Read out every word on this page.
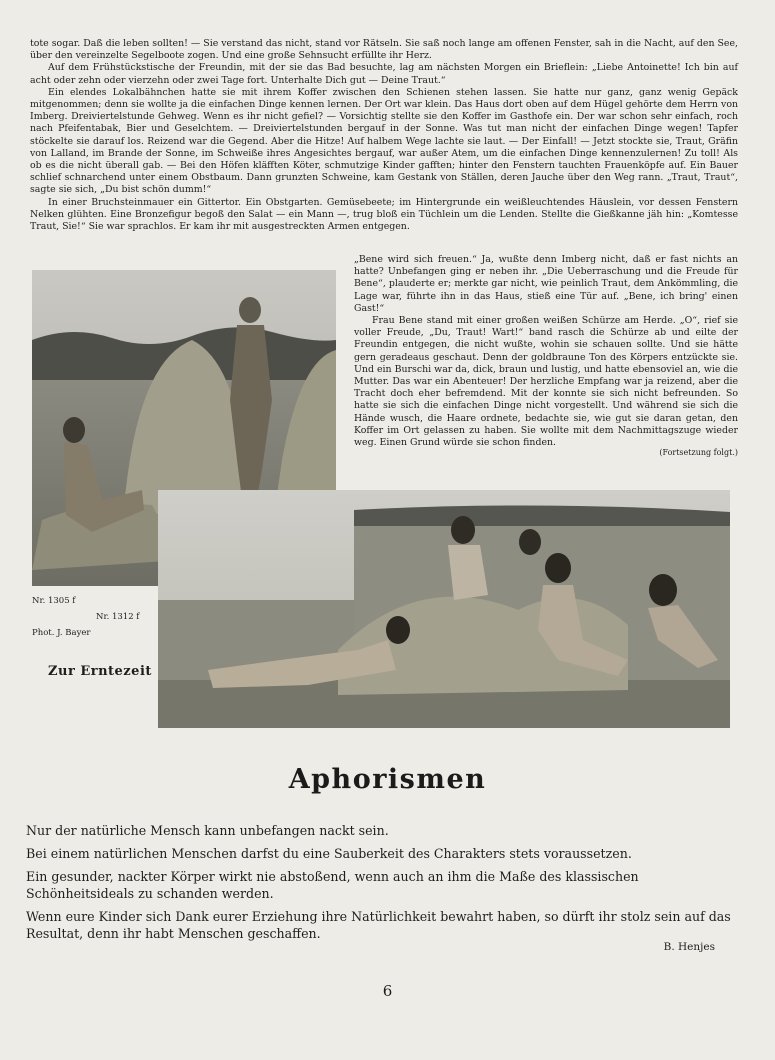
tote sogar. Daß die leben sollten! — Sie verstand das nicht, stand vor Rätseln. Sie saß noch lange am offenen Fenster, sah in die Nacht, auf den See, über den vereinzelte Segelboote zogen. Und eine große Sehnsucht erfüllte ihr Herz.

Auf dem Frühstückstische der Freundin, mit der sie das Bad besuchte, lag am nächsten Morgen ein Brieflein: „Liebe Antoinette! Ich bin auf acht oder zehn oder vierzehn oder zwei Tage fort. Unterhalte Dich gut — Deine Traut.“

Ein elendes Lokalbähnchen hatte sie mit ihrem Koffer zwischen den Schienen stehen lassen. Sie hatte nur ganz, ganz wenig Gepäck mitgenommen; denn sie wollte ja die einfachen Dinge kennen lernen. Der Ort war klein. Das Haus dort oben auf dem Hügel gehörte dem Herrn von Imberg. Dreiviertelstunde Gehweg. Wenn es ihr nicht gefiel? — Vorsichtig stellte sie den Koffer im Gasthofe ein. Der war schon sehr einfach, roch nach Pfeifentabak, Bier und Geselchtem. — Dreiviertelstunden bergauf in der Sonne. Was tut man nicht der einfachen Dinge wegen! Tapfer stöckelte sie darauf los. Reizend war die Gegend. Aber die Hitze! Auf halbem Wege lachte sie laut. — Der Einfall! — Jetzt stockte sie, Traut, Gräfin von Lalland, im Brande der Sonne, im Schweiße ihres Angesichtes bergauf, war außer Atem, um die einfachen Dinge kennenzulernen! Zu toll! Als ob es die nicht überall gab. — Bei den Höfen kläfften Köter, schmutzige Kinder gafften; hinter den Fenstern tauchten Frauenköpfe auf. Ein Bauer schlief schnarchend unter einem Obstbaum. Dann grunzten Schweine, kam Gestank von Ställen, deren Jauche über den Weg rann. „Traut, Traut“, sagte sie sich, „Du bist schön dumm!“

In einer Bruchsteinmauer ein Gittertor. Ein Obstgarten. Gemüsebeete; im Hintergrunde ein weißleuchtendes Häuslein, vor dessen Fenstern Nelken glühten. Eine Bronzefigur begoß den Salat — ein Mann —, trug bloß ein Tüchlein um die Lenden. Stellte die Gießkanne jäh hin: „Komtesse Traut, Sie!“ Sie war sprachlos. Er kam ihr mit ausgestreckten Armen entgegen.

„Bene wird sich freuen.“ Ja, wußte denn Imberg nicht, daß er fast nichts an hatte? Unbefangen ging er neben ihr. „Die Ueberraschung und die Freude für Bene“, plauderte er; merkte gar nicht, wie peinlich Traut, dem Ankömmling, die Lage war, führte ihn in das Haus, stieß eine Tür auf. „Bene, ich bring' einen Gast!“

Frau Bene stand mit einer großen weißen Schürze am Herde. „O“, rief sie voller Freude, „Du, Traut! Wart!“ band rasch die Schürze ab und eilte der Freundin entgegen, die nicht wußte, wohin sie schauen sollte. Und sie hätte gern geradeaus geschaut. Denn der goldbraune Ton des Körpers entzückte sie. Und ein Burschi war da, dick, braun und lustig, und hatte ebensoviel an, wie die Mutter. Das war ein Abenteuer! Der herzliche Empfang war ja reizend, aber die Tracht doch eher befremdend. Mit der konnte sie sich nicht befreunden. So hatte sie sich die einfachen Dinge nicht vorgestellt. Und während sie sich die Hände wusch, die Haare ordnete, bedachte sie, wie gut sie daran getan, den Koffer im Ort gelassen zu haben. Sie wollte mit dem Nachmittagszuge wieder weg. Einen Grund würde sie schon finden.

(Fortsetzung folgt.)
Nr. 1305 f
Nr. 1312 f
Phot. J. Bayer
Zur Erntezeit
Aphorismen

Nur der natürliche Mensch kann unbefangen nackt sein.

Bei einem natürlichen Menschen darfst du eine Sauberkeit des Charakters stets voraussetzen.

Ein gesunder, nackter Körper wirkt nie abstoßend, wenn auch an ihm die Maße des klassischen Schönheitsideals zu schanden werden.

Wenn eure Kinder sich Dank eurer Erziehung ihre Natürlichkeit bewahrt haben, so dürft ihr stolz sein auf das Resultat, denn ihr habt Menschen geschaffen.

B. Henjes
6
